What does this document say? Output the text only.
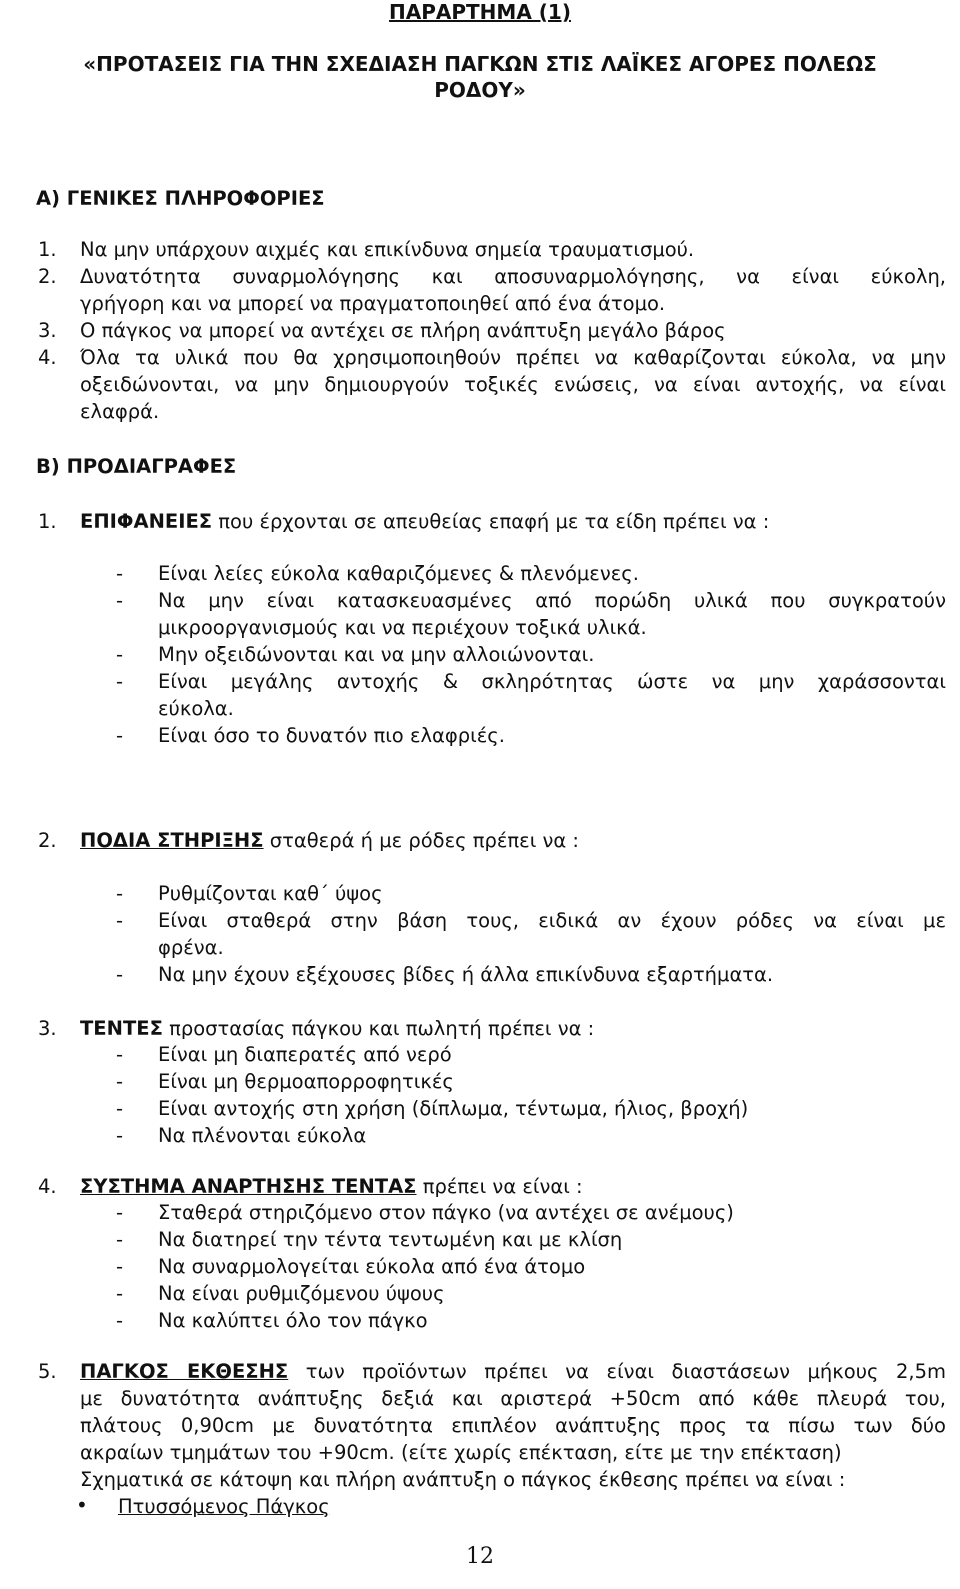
ΠΑΡΑΡΤΗΜΑ (1)
«ΠΡΟΤΑΣΕΙΣ ΓΙΑ ΤΗΝ ΣΧΕΔΙΑΣΗ ΠΑΓΚΩΝ ΣΤΙΣ ΛΑΪΚΕΣ ΑΓΟΡΕΣ ΠΟΛΕΩΣ
ΡΟΔΟΥ»
Α) ΓΕΝΙΚΕΣ ΠΛΗΡΟΦΟΡΙΕΣ
1. Να μην υπάρχουν αιχμές και επικίνδυνα σημεία τραυματισμού.
2. Δυνατότητα συναρμολόγησης και αποσυναρμολόγησης, να είναι εύκολη,
γρήγορη και να μπορεί να πραγματοποιηθεί από ένα άτομο.
3. Ο πάγκος να μπορεί να αντέχει σε πλήρη ανάπτυξη μεγάλο βάρος
4. Όλα τα υλικά που θα χρησιμοποιηθούν πρέπει να καθαρίζονται εύκολα, να μην
οξειδώνονται, να μην δημιουργούν τοξικές ενώσεις, να είναι αντοχής, να είναι
ελαφρά.
Β) ΠΡΟΔΙΑΓΡΑΦΕΣ
1. ΕΠΙΦΑΝΕΙΕΣ που έρχονται σε απευθείας επαφή με τα είδη πρέπει να :
- Είναι λείες εύκολα καθαριζόμενες & πλενόμενες.
- Να μην είναι κατασκευασμένες από πορώδη υλικά που συγκρατούν
μικροοργανισμούς και να περιέχουν τοξικά υλικά.
- Μην οξειδώνονται και να μην αλλοιώνονται.
- Είναι μεγάλης αντοχής & σκληρότητας ώστε να μην χαράσσονται
εύκολα.
- Είναι όσο το δυνατόν πιο ελαφριές.
2. ΠΟΔΙΑ ΣΤΗΡΙΞΗΣ σταθερά ή με ρόδες πρέπει να :
- Ρυθμίζονται καθ΄ ύψος
- Είναι σταθερά στην βάση τους, ειδικά αν έχουν ρόδες να είναι με
φρένα.
- Να μην έχουν εξέχουσες βίδες ή άλλα επικίνδυνα εξαρτήματα.
3. ΤΕΝΤΕΣ προστασίας πάγκου και πωλητή πρέπει να :
- Είναι μη διαπερατές από νερό
- Είναι μη θερμοαπορροφητικές
- Είναι αντοχής στη χρήση (δίπλωμα, τέντωμα, ήλιος, βροχή)
- Να πλένονται εύκολα
4. ΣΥΣΤΗΜΑ ΑΝΑΡΤΗΣΗΣ ΤΕΝΤΑΣ πρέπει να είναι :
- Σταθερά στηριζόμενο στον πάγκο (να αντέχει σε ανέμους)
- Να διατηρεί την τέντα τεντωμένη και με κλίση
- Να συναρμολογείται εύκολα από ένα άτομο
- Να είναι ρυθμιζόμενου ύψους
- Να καλύπτει όλο τον πάγκο
5. ΠΑΓΚΟΣ ΕΚΘΕΣΗΣ των προϊόντων πρέπει να είναι διαστάσεων μήκους 2,5m
με δυνατότητα ανάπτυξης δεξιά και αριστερά +50cm από κάθε πλευρά του,
πλάτους 0,90cm με δυνατότητα επιπλέον ανάπτυξης προς τα πίσω των δύο
ακραίων τμημάτων του +90cm. (είτε χωρίς επέκταση, είτε με την επέκταση)
Σχηματικά σε κάτοψη και πλήρη ανάπτυξη ο πάγκος έκθεσης πρέπει να είναι :
• Πτυσσόμενος Πάγκος
12
